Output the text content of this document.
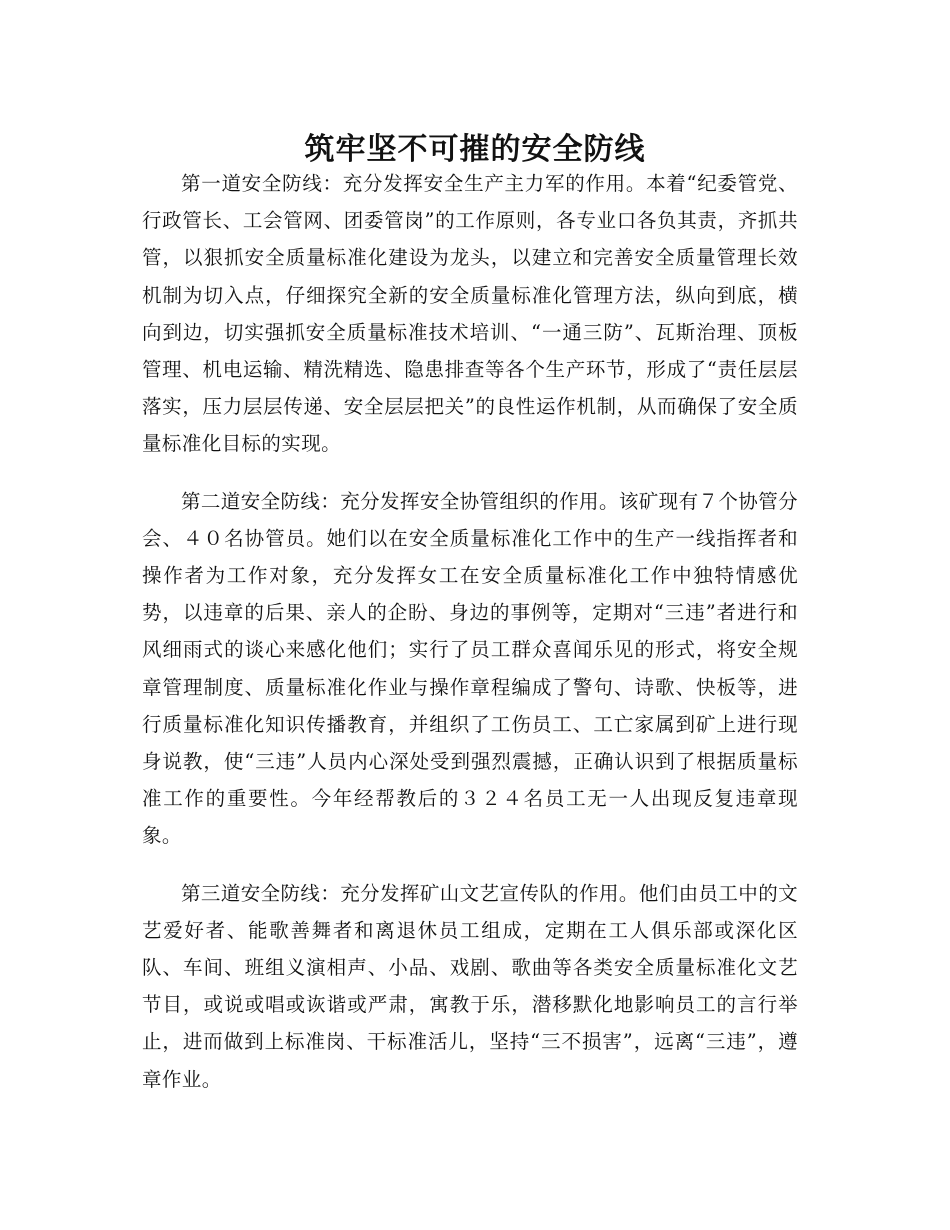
筑牢坚不可摧的安全防线

第一道安全防线：充分发挥安全生产主力军的作用。本着“纪委管党、行政管长、工会管网、团委管岗”的工作原则，各专业口各负其责，齐抓共管，以狠抓安全质量标准化建设为龙头，以建立和完善安全质量管理长效机制为切入点，仔细探究全新的安全质量标准化管理方法，纵向到底，横向到边，切实强抓安全质量标准技术培训、“一通三防”、瓦斯治理、顶板管理、机电运输、精洗精选、隐患排查等各个生产环节，形成了“责任层层落实，压力层层传递、安全层层把关”的良性运作机制，从而确保了安全质量标准化目标的实现。

第二道安全防线：充分发挥安全协管组织的作用。该矿现有７个协管分会、４０名协管员。她们以在安全质量标准化工作中的生产一线指挥者和操作者为工作对象，充分发挥女工在安全质量标准化工作中独特情感优势，以违章的后果、亲人的企盼、身边的事例等，定期对“三违”者进行和风细雨式的谈心来感化他们；实行了员工群众喜闻乐见的形式，将安全规章管理制度、质量标准化作业与操作章程编成了警句、诗歌、快板等，进行质量标准化知识传播教育，并组织了工伤员工、工亡家属到矿上进行现身说教，使“三违”人员内心深处受到强烈震撼，正确认识到了根据质量标准工作的重要性。今年经帮教后的３２４名员工无一人出现反复违章现象。

第三道安全防线：充分发挥矿山文艺宣传队的作用。他们由员工中的文艺爱好者、能歌善舞者和离退休员工组成，定期在工人俱乐部或深化区队、车间、班组义演相声、小品、戏剧、歌曲等各类安全质量标准化文艺节目，或说或唱或诙谐或严肃，寓教于乐，潜移默化地影响员工的言行举止，进而做到上标准岗、干标准活儿，坚持“三不损害”，远离“三违”，遵章作业。
